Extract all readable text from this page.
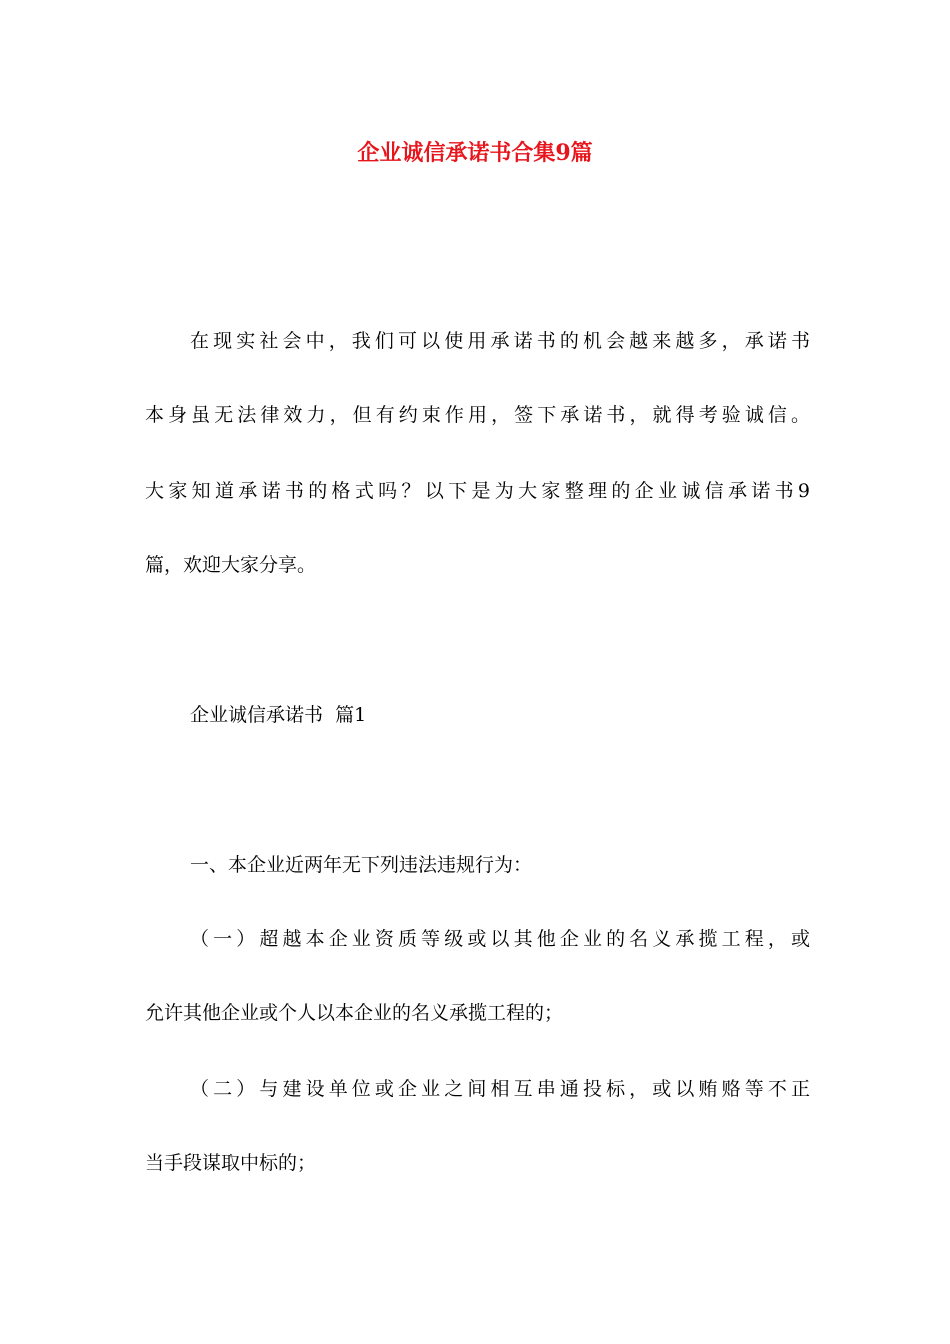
企业诚信承诺书合集9篇

在现实社会中，我们可以使用承诺书的机会越来越多，承诺书

本身虽无法律效力，但有约束作用，签下承诺书，就得考验诚信。

大家知道承诺书的格式吗？以下是为大家整理的企业诚信承诺书9

篇，欢迎大家分享。

企业诚信承诺书  篇1

一、本企业近两年无下列违法违规行为：

（一）超越本企业资质等级或以其他企业的名义承揽工程，或

允许其他企业或个人以本企业的名义承揽工程的；

（二）与建设单位或企业之间相互串通投标，或以贿赂等不正

当手段谋取中标的；
